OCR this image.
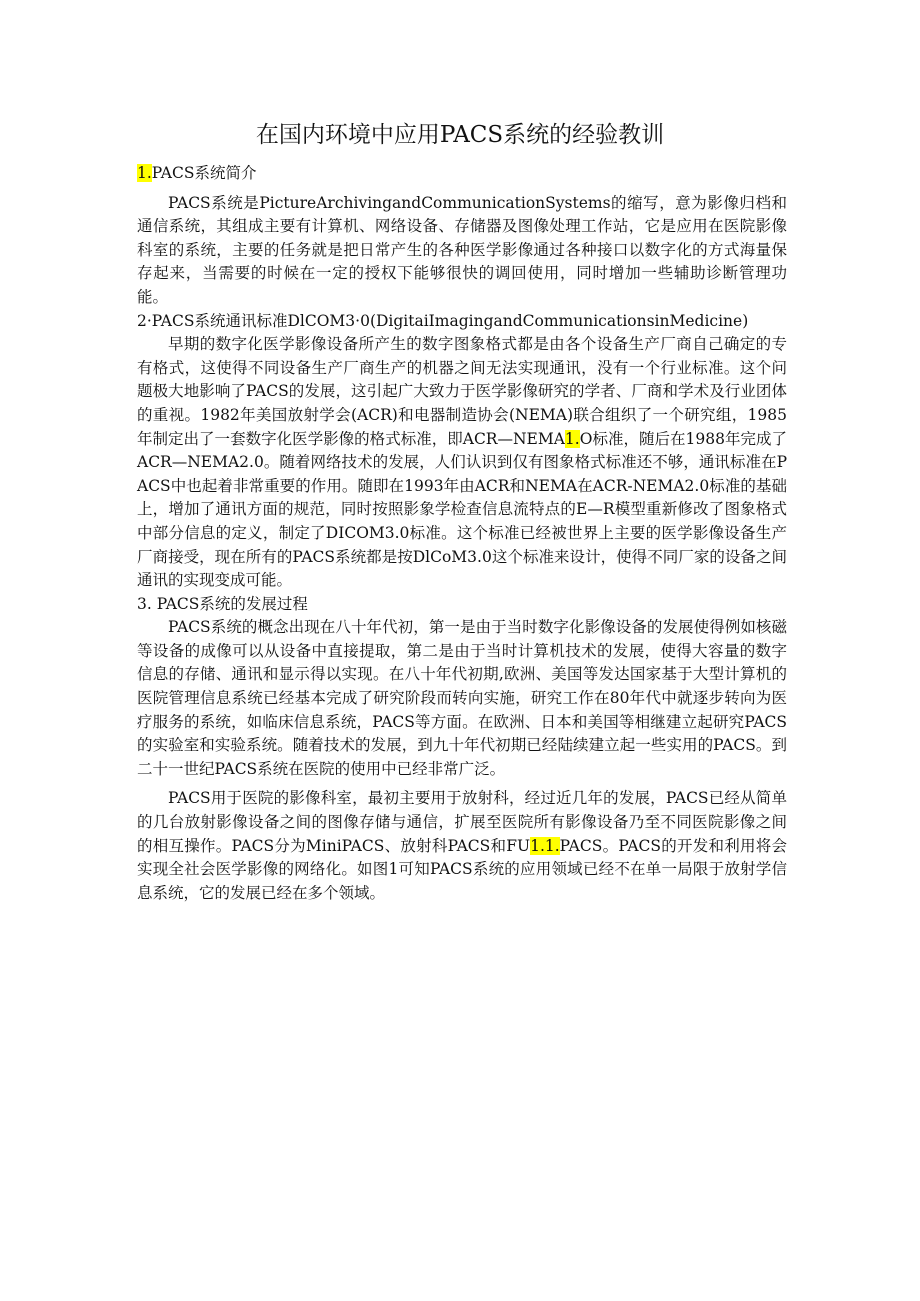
在国内环境中应用PACS系统的经验教训

1.PACS系统简介

PACS系统是PictureArchivingandCommunicationSystems的缩写，意为影像归档和通信系统，其组成主要有计算机、网络设备、存储器及图像处理工作站，它是应用在医院影像科室的系统，主要的任务就是把日常产生的各种医学影像通过各种接口以数字化的方式海量保存起来，当需要的时候在一定的授权下能够很快的调回使用，同时增加一些辅助诊断管理功能。

2·PACS系统通讯标准DlCOM3·0(DigitaiImagingandCommunicationsinMedicine)

早期的数字化医学影像设备所产生的数字图象格式都是由各个设备生产厂商自己确定的专有格式，这使得不同设备生产厂商生产的机器之间无法实现通讯，没有一个行业标准。这个问题极大地影响了PACS的发展，这引起广大致力于医学影像研究的学者、厂商和学术及行业团体的重视。1982年美国放射学会(ACR)和电器制造协会(NEMA)联合组织了一个研究组，1985年制定出了一套数字化医学影像的格式标准，即ACR—NEMA1.O标准，随后在1988年完成了ACR—NEMA2.0。随着网络技术的发展，人们认识到仅有图象格式标准还不够，通讯标准在PACS中也起着非常重要的作用。随即在1993年由ACR和NEMA在ACR-NEMA2.0标准的基础上，增加了通讯方面的规范，同时按照影象学检查信息流特点的E—R模型重新修改了图象格式中部分信息的定义，制定了DICOM3.0标准。这个标准已经被世界上主要的医学影像设备生产厂商接受，现在所有的PACS系统都是按DlCoM3.0这个标准来设计，使得不同厂家的设备之间通讯的实现变成可能。

3. PACS系统的发展过程

PACS系统的概念出现在八十年代初，第一是由于当时数字化影像设备的发展使得例如核磁等设备的成像可以从设备中直接提取，第二是由于当时计算机技术的发展，使得大容量的数字信息的存储、通讯和显示得以实现。在八十年代初期,欧洲、美国等发达国家基于大型计算机的医院管理信息系统已经基本完成了研究阶段而转向实施，研究工作在80年代中就逐步转向为医疗服务的系统，如临床信息系统，PACS等方面。在欧洲、日本和美国等相继建立起研究PACS的实验室和实验系统。随着技术的发展，到九十年代初期已经陆续建立起一些实用的PACS。到二十一世纪PACS系统在医院的使用中已经非常广泛。

PACS用于医院的影像科室，最初主要用于放射科，经过近几年的发展，PACS已经从简单的几台放射影像设备之间的图像存储与通信，扩展至医院所有影像设备乃至不同医院影像之间的相互操作。PACS分为MiniPACS、放射科PACS和FU1.1.PACS。PACS的开发和利用将会实现全社会医学影像的网络化。如图1可知PACS系统的应用领域已经不在单一局限于放射学信息系统，它的发展已经在多个领域。
